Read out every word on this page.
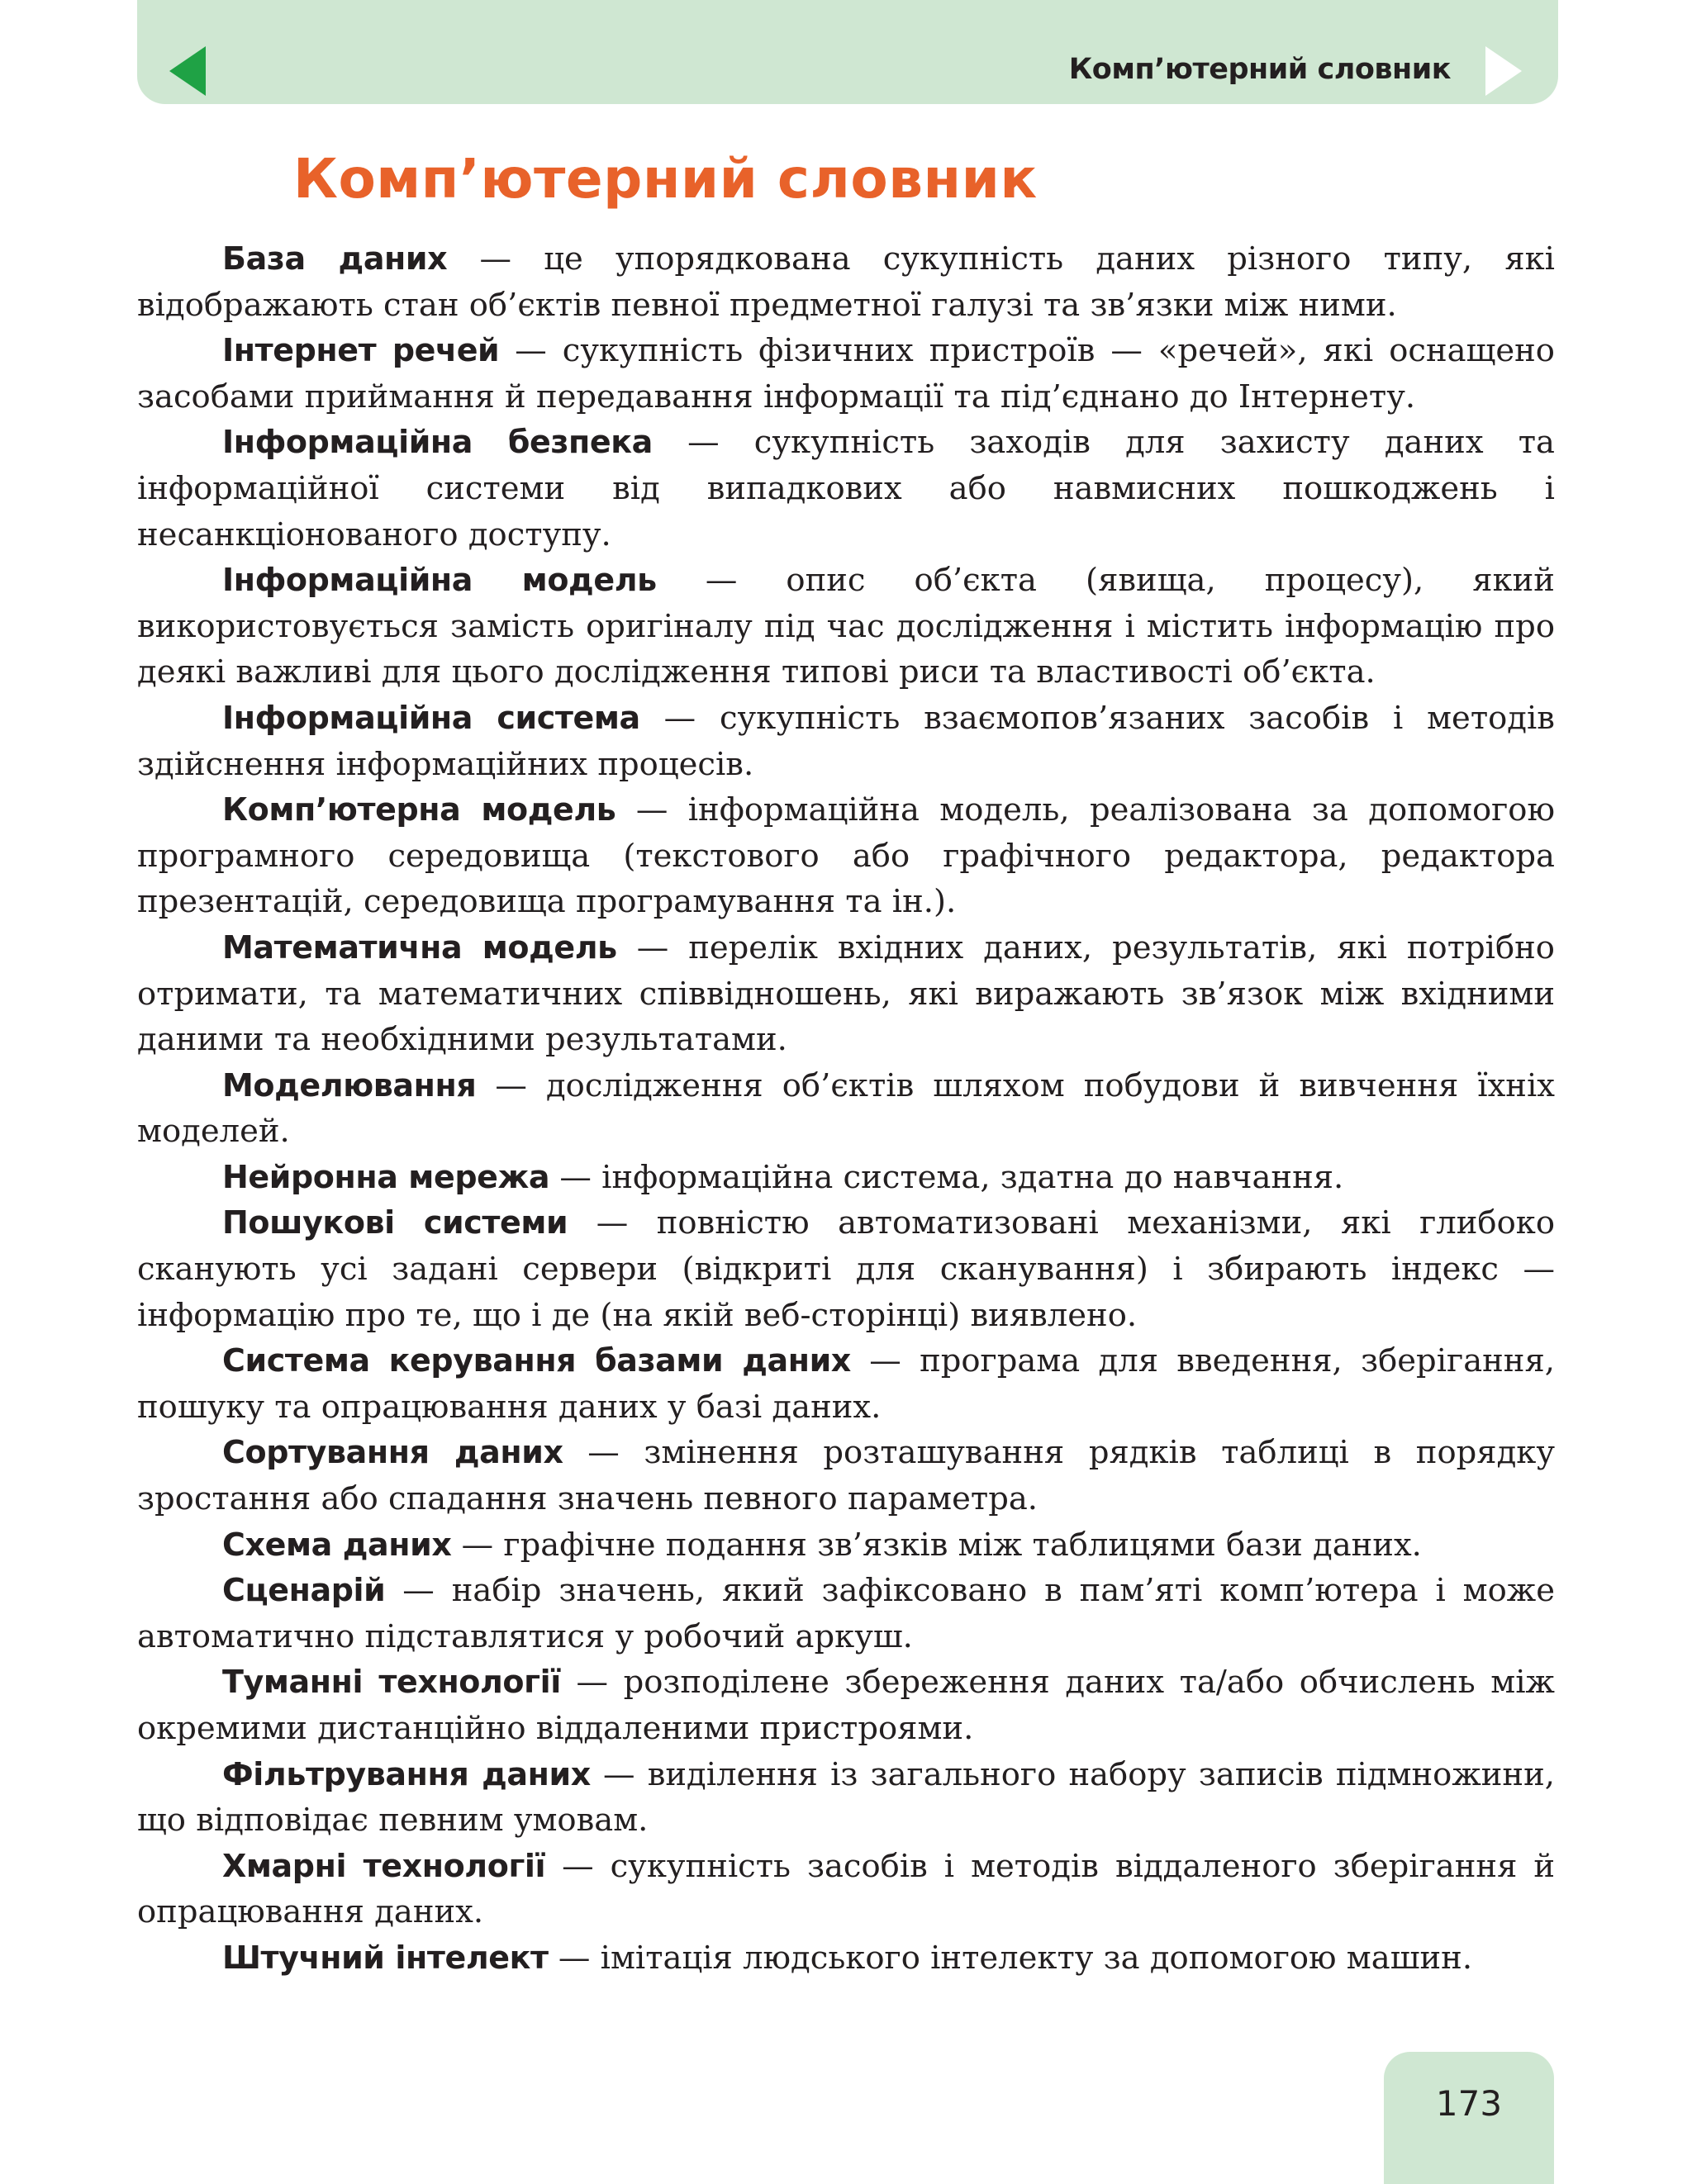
Комп’ютерний словник
Комп’ютерний словник

База даних — це упорядкована сукупність даних різного типу, які відображають стан об’єктів певної предметної галузі та зв’язки між ними.

Інтернет речей — сукупність фізичних пристроїв — «речей», які оснащено засобами приймання й передавання інформації та під’єднано до Інтернету.

Інформаційна безпека — сукупність заходів для захисту даних та інформаційної системи від випадкових або навмисних пошкоджень і несанкціонованого доступу.

Інформаційна модель — опис об’єкта (явища, процесу), який використовується замість оригіналу під час дослідження і містить інформацію про деякі важливі для цього дослідження типові риси та властивості об’єкта.

Інформаційна система — сукупність взаємопов’язаних засобів і методів здійснення інформаційних процесів.

Комп’ютерна модель — інформаційна модель, реалізована за допомогою програмного середовища (текстового або графічного редактора, редактора презентацій, середовища програмування та ін.).

Математична модель — перелік вхідних даних, результатів, які потрібно отримати, та математичних співвідношень, які виражають зв’язок між вхідними даними та необхідними результатами.

Моделювання — дослідження об’єктів шляхом побудови й вивчення їхніх моделей.

Нейронна мережа — інформаційна система, здатна до навчання.

Пошукові системи — повністю автоматизовані механізми, які глибоко сканують усі задані сервери (відкриті для сканування) і збирають індекс — інформацію про те, що і де (на якій веб-сторінці) виявлено.

Система керування базами даних — програма для введення, зберігання, пошуку та опрацювання даних у базі даних.

Сортування даних — змінення розташування рядків таблиці в порядку зростання або спадання значень певного параметра.

Схема даних — графічне подання зв’язків між таблицями бази даних.

Сценарій — набір значень, який зафіксовано в пам’яті комп’ютера і може автоматично підставлятися у робочий аркуш.

Туманні технології — розподілене збереження даних та/або обчислень між окремими дистанційно віддаленими пристроями.

Фільтрування даних — виділення із загального набору записів підмножини, що відповідає певним умовам.

Хмарні технології — сукупність засобів і методів віддаленого зберігання й опрацювання даних.

Штучний інтелект — імітація людського інтелекту за допомогою машин.

173
